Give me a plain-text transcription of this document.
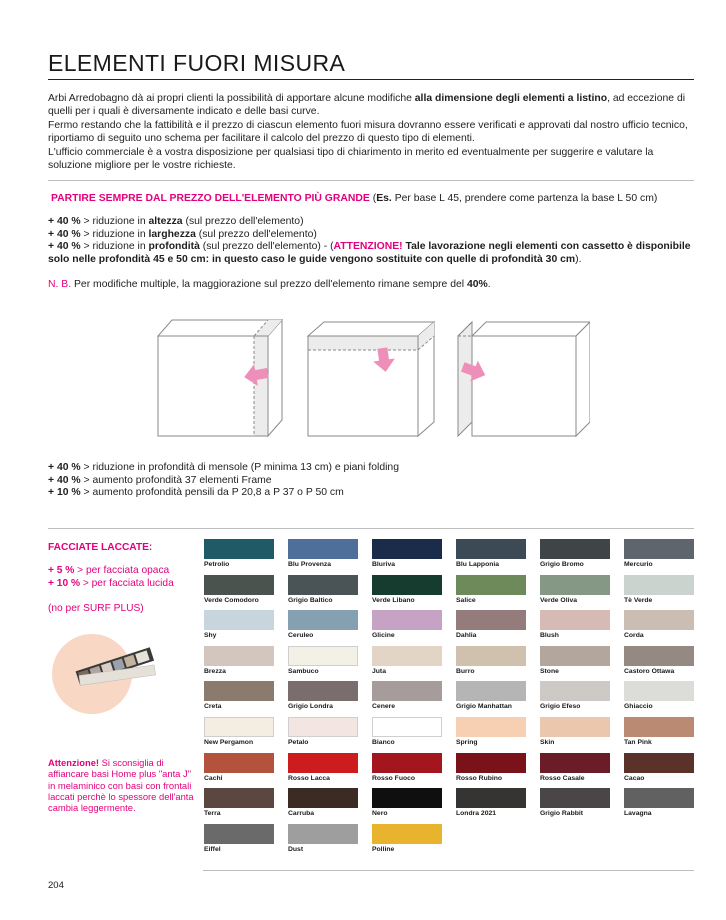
ELEMENTI FUORI MISURA

Arbi Arredobagno dà ai propri clienti la possibilità di apportare alcune modifiche alla dimensione degli elementi a listino, ad eccezione di quelli per i quali è diversamente indicato e delle basi curve.

Fermo restando che la fattibilità e il prezzo di ciascun elemento fuori misura dovranno essere verificati e approvati dal nostro ufficio tecnico, riportiamo di seguito uno schema per facilitare il calcolo del prezzo di questo tipo di elementi.

L'ufficio commerciale è a vostra disposizione per qualsiasi tipo di chiarimento in merito ed eventualmente per suggerire e valutare la soluzione migliore per le vostre richieste.

PARTIRE SEMPRE DAL PREZZO DELL'ELEMENTO PIÙ GRANDE (Es. Per base L 45, prendere come partenza la base L 50 cm)
+ 40 % > riduzione in altezza (sul prezzo dell'elemento)
+ 40 % > riduzione in larghezza (sul prezzo dell'elemento)
+ 40 % > riduzione in profondità (sul prezzo dell'elemento) - (ATTENZIONE! Tale lavorazione negli elementi con cassetto è disponibile solo nelle profondità 45 e 50 cm: in questo caso le guide vengono sostituite con quelle di profondità 30 cm).
N. B. Per modifiche multiple, la maggiorazione sul prezzo dell'elemento rimane sempre del 40%.
+ 40 % > riduzione in profondità di mensole (P minima 13 cm) e piani folding
+ 40 % > aumento profondità 37 elementi Frame
+ 10 % > aumento profondità pensili da P 20,8 a P 37 o P 50 cm
FACCIATE LACCATE:
+ 5 % > per facciata opaca
+ 10 % > per facciata lucida
(no per SURF PLUS)
Attenzione! Si sconsiglia di affiancare basi Home plus "anta J" in melaminico con basi con frontali laccati perchè lo spessore dell'anta cambia leggermente.
Petrolio	Blu Provenza	Bluriva	Blu Lapponia	Grigio Bromo	Mercurio
Verde Comodoro	Grigio Baltico	Verde Libano	Salice	Verde Oliva	Tè Verde
Shy	Ceruleo	Glicine	Dahlia	Blush	Corda
Brezza	Sambuco	Juta	Burro	Stone	Castoro Ottawa
Creta	Grigio Londra	Cenere	Grigio Manhattan	Grigio Efeso	Ghiaccio
New Pergamon	Petalo	Bianco	Spring	Skin	Tan Pink
Cachi	Rosso Lacca	Rosso Fuoco	Rosso Rubino	Rosso Casale	Cacao
Terra	Carruba	Nero	Londra 2021	Grigio Rabbit	Lavagna
Eiffel	Dust	Polline
204
